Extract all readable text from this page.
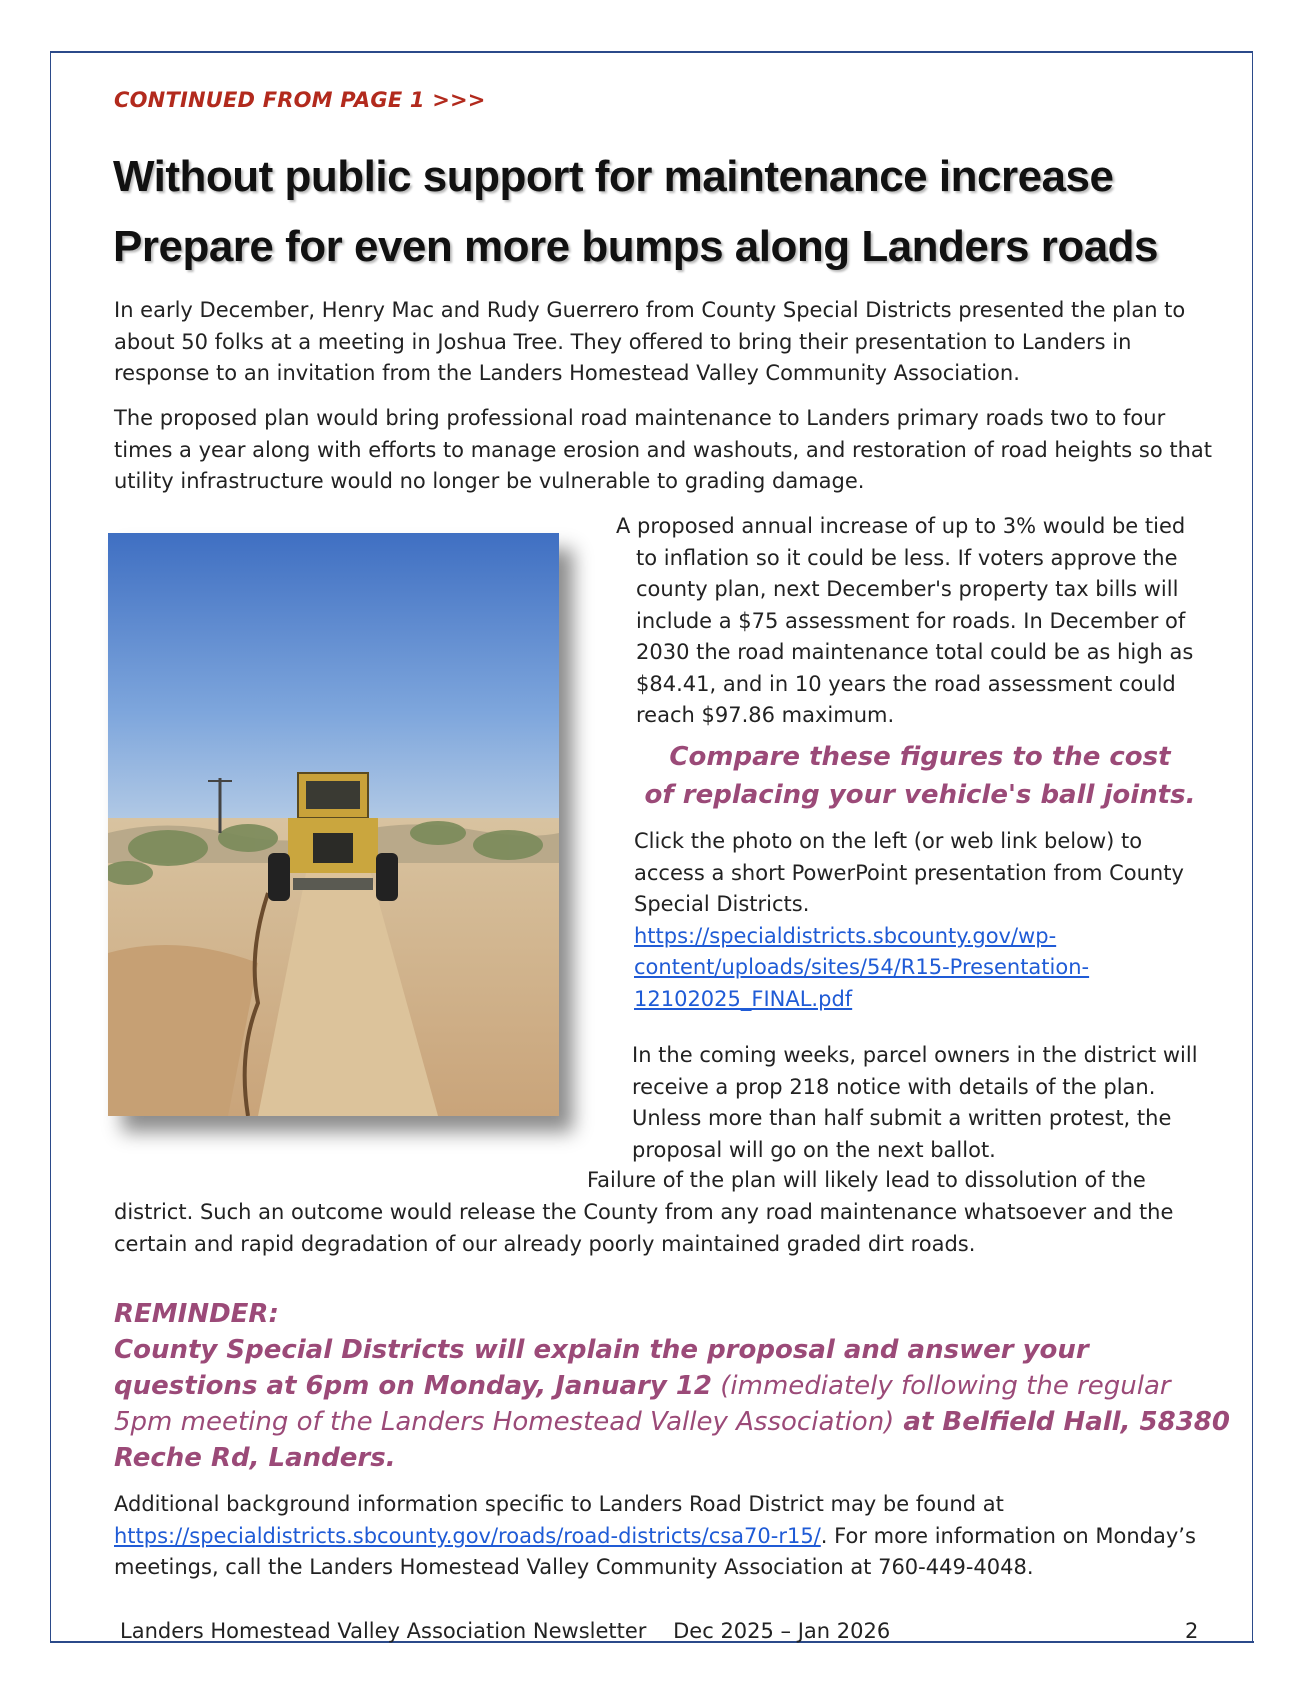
CONTINUED FROM PAGE 1 >>>
Without public support for maintenance increase
Prepare for even more bumps along Landers roads

In early December, Henry Mac and Rudy Guerrero from County Special Districts presented the plan to about 50 folks at a meeting in Joshua Tree. They offered to bring their presentation to Landers in response to an invitation from the Landers Homestead Valley Community Association.

The proposed plan would bring professional road maintenance to Landers primary roads two to four times a year along with efforts to manage erosion and washouts, and restoration of road heights so that utility infrastructure would no longer be vulnerable to grading damage.

A proposed annual increase of up to 3% would be tied to inflation so it could be less. If voters approve the county plan, next December's property tax bills will include a $75 assessment for roads. In December of 2030 the road maintenance total could be as high as $84.41, and in 10 years the road assessment could reach $97.86 maximum.

Compare these figures to the cost
of replacing your vehicle's ball joints.

Click the photo on the left (or web link below) to access a short PowerPoint presentation from County Special Districts.
https://specialdistricts.sbcounty.gov/wp-
content/uploads/sites/54/R15-Presentation-
12102025_FINAL.pdf

In the coming weeks, parcel owners in the district will receive a prop 218 notice with details of the plan. Unless more than half submit a written protest, the proposal will go on the next ballot.

Failure of the plan will likely lead to dissolution of the

district. Such an outcome would release the County from any road maintenance whatsoever and the certain and rapid degradation of our already poorly maintained graded dirt roads.

REMINDER:
County Special Districts will explain the proposal and answer your questions at 6pm on Monday, January 12 (immediately following the regular 5pm meeting of the Landers Homestead Valley Association) at Belfield Hall, 58380 Reche Rd, Landers.

Additional background information specific to Landers Road District may be found at https://specialdistricts.sbcounty.gov/roads/road-districts/csa70-r15/. For more information on Monday’s meetings, call the Landers Homestead Valley Community Association at 760-449-4048.

Landers Homestead Valley Association Newsletter    Dec 2025 – Jan 2026	2
